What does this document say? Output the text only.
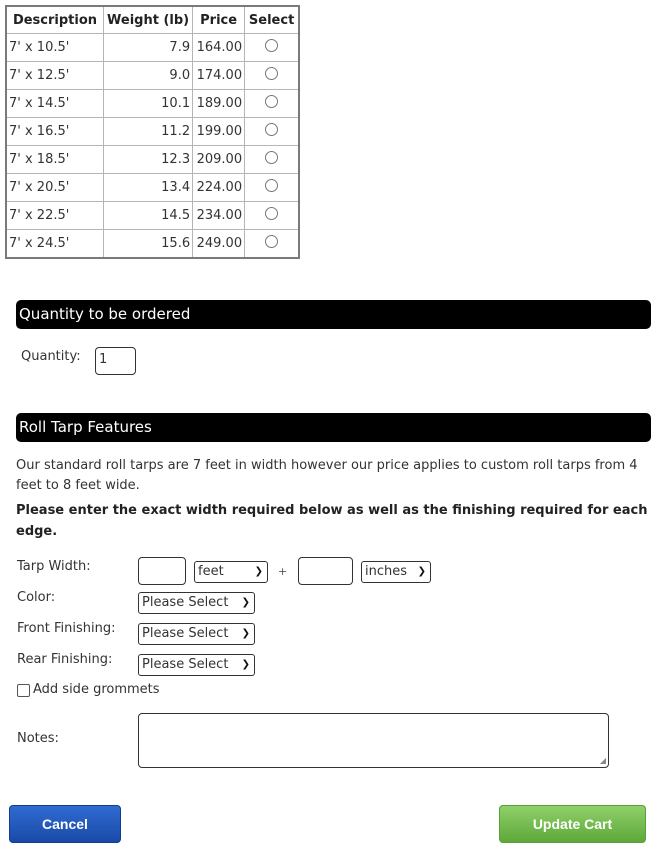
Description	Weight (lb)	Price	Select
7' x 10.5'	7.9	164.00	
7' x 12.5'	9.0	174.00	
7' x 14.5'	10.1	189.00	
7' x 16.5'	11.2	199.00	
7' x 18.5'	12.3	209.00	
7' x 20.5'	13.4	224.00	
7' x 22.5'	14.5	234.00	
7' x 24.5'	15.6	249.00	
Quantity to be ordered
Quantity:	1
Roll Tarp Features
Our standard roll tarps are 7 feet in width however our price applies to custom roll tarps from 4 feet to 8 feet wide.
Please enter the exact width required below as well as the finishing required for each edge.
Tarp Width:	feet	❯ +	inches ❯
Color:	Please Select ❯
Front Finishing:	Please Select ❯
Rear Finishing:	Please Select ❯
Add side grommets
Notes:
◢
Cancel	Update Cart
